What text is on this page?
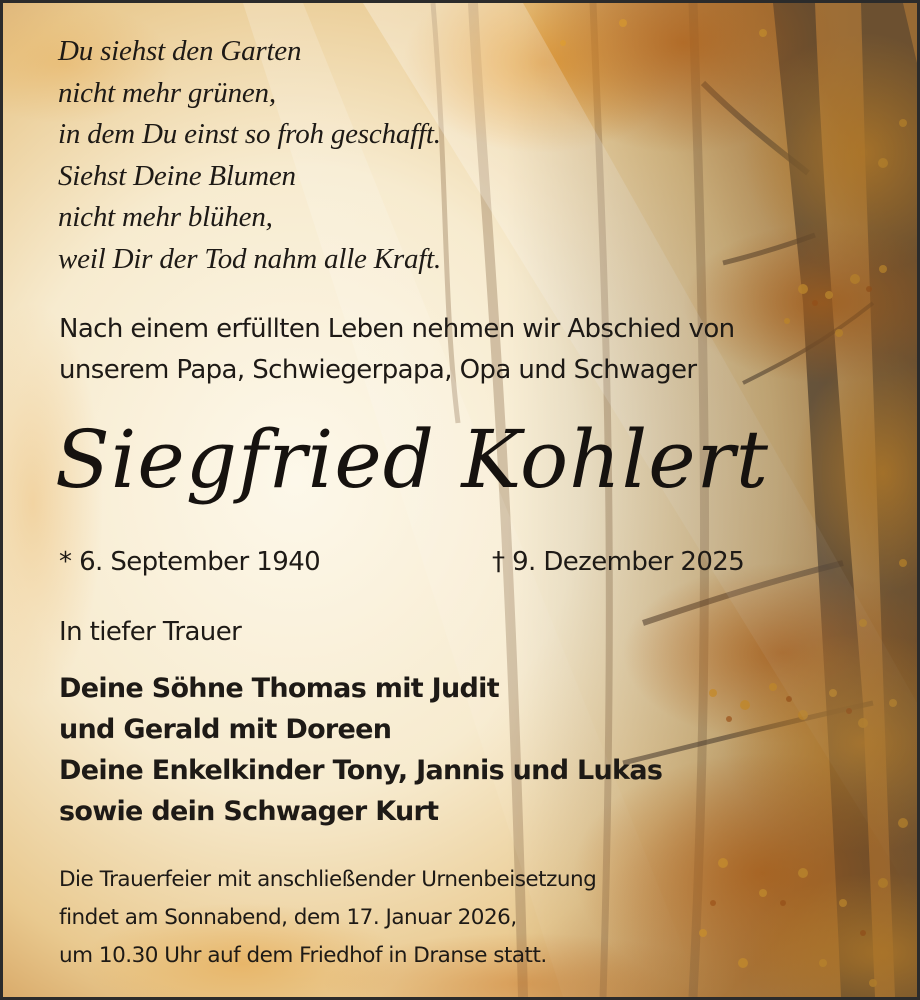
Du siehst den Garten
nicht mehr grünen,
in dem Du einst so froh geschafft.
Siehst Deine Blumen
nicht mehr blühen,
weil Dir der Tod nahm alle Kraft.
Nach einem erfüllten Leben nehmen wir Abschied von
unserem Papa, Schwiegerpapa, Opa und Schwager
Siegfried Kohlert
* 6. September 1940	† 9. Dezember 2025
In tiefer Trauer
Deine Söhne Thomas mit Judit
und Gerald mit Doreen
Deine Enkelkinder Tony, Jannis und Lukas
sowie dein Schwager Kurt
Die Trauerfeier mit anschließender Urnenbeisetzung
findet am Sonnabend, dem 17. Januar 2026,
um 10.30 Uhr auf dem Friedhof in Dranse statt.
